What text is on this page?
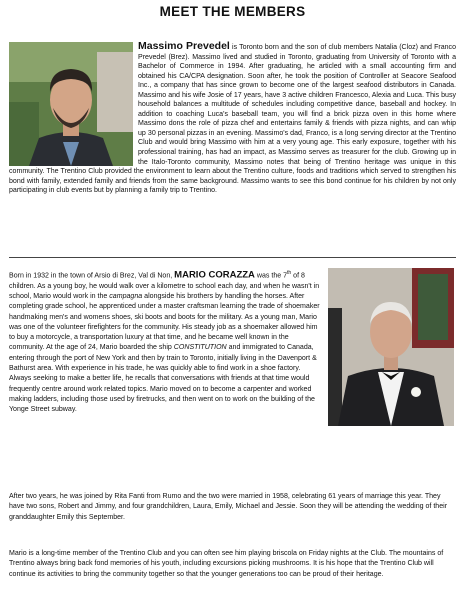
MEET THE MEMBERS
Massimo Prevedel is Toronto born and the son of club members Natalia (Cloz) and Franco Prevedel (Brez). Massimo lived and studied in Toronto, graduating from University of Toronto with a Bachelor of Commerce in 1994. After graduating, he articled with a small accounting firm and obtained his CA/CPA designation. Soon after, he took the position of Controller at Seacore Seafood Inc., a company that has since grown to become one of the largest seafood distributors in Canada. Massimo and his wife Josie of 17 years, have 3 active children Francesco, Alexia and Luca. This busy household balances a multitude of schedules including competitive dance, baseball and hockey. In addition to coaching Luca's baseball team, you will find a brick pizza oven in this home where Massimo dons the role of pizza chef and entertains family & friends with pizza nights, and can whip up 30 personal pizzas in an evening. Massimo's dad, Franco, is a long serving director at the Trentino Club and would bring Massimo with him at a very young age. This early exposure, together with his professional training, has had an impact, as Massimo serves as treasurer for the club. Growing up in the Italo-Toronto community, Massimo notes that being of Trentino heritage was unique in this community. The Trentino Club provided the environment to learn about the Trentino culture, foods and traditions which served to strengthen his bond with family, extended family and friends from the same background. Massimo wants to see this bond continue for his children by not only participating in club events but by planning a family trip to Trentino.
Born in 1932 in the town of Arsio di Brez, Val di Non, MARIO CORAZZA was the 7th of 8 children. As a young boy, he would walk over a kilometre to school each day, and when he wasn't in school, Mario would work in the campagna alongside his brothers by handling the horses. After completing grade school, he apprenticed under a master craftsman learning the trade of shoemaker handmaking men's and womens shoes, ski boots and boots for the military. As a young man, Mario was one of the volunteer firefighters for the community. His steady job as a shoemaker allowed him to buy a motorcycle, a transportation luxury at that time, and he became well known in the community. At the age of 24, Mario boarded the ship CONSTITUTION and immigrated to Canada, entering through the port of New York and then by train to Toronto, initially living in the Davenport & Bathurst area. With experience in his trade, he was quickly able to find work in a shoe factory. Always seeking to make a better life, he recalls that conversations with friends at that time would frequently centre around work related topics. Mario moved on to become a carpenter and worked making ladders, including those used by firetrucks, and then went on to work on the building of the Yonge Street subway.
After two years, he was joined by Rita Fanti from Rumo and the two were married in 1958, celebrating 61 years of marriage this year. They have two sons, Robert and Jimmy, and four grandchildren, Laura, Emily, Michael and Jessie. Soon they will be attending the wedding of their granddaughter Emily this September.
Mario is a long-time member of the Trentino Club and you can often see him playing briscola on Friday nights at the Club. The mountains of Trentino always bring back fond memories of his youth, including excursions picking mushrooms. It is his hope that the Trentino Club will continue its activities to bring the community together so that the younger generations too can be proud of their heritage.
